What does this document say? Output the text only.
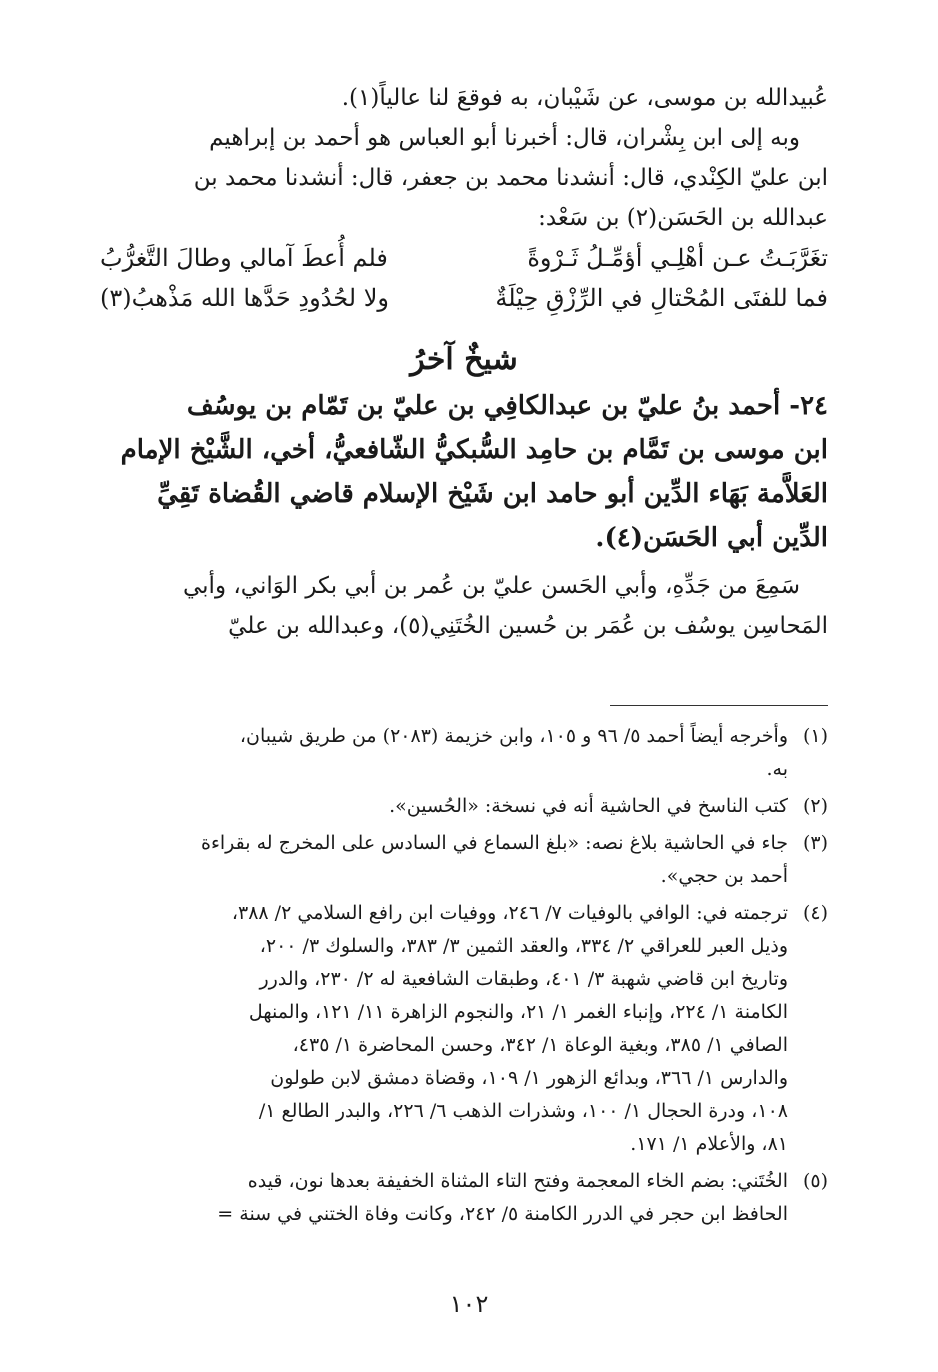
عُبيدالله بن موسى، عن شَيْبان، به فوقعَ لنا عالياً(١).

وبه إلى ابن بِشْران، قال: أخبرنا أبو العباس هو أحمد بن إبراهيم
ابن عليّ الكِنْدي، قال: أنشدنا محمد بن جعفر، قال: أنشدنا محمد بن
عبدالله بن الحَسَن(٢) بن سَعْد:

تغَرَّبَـتُ عـن أهْلِـي أؤمِّـلُ ثَـرْوةً
فلم أُعطَ آمالي وطالَ التَّغرُّبُ
فما للفتَى المُحْتالِ في الرِّزْقِ حِيْلَةٌ
ولا لحُدُودِ حَدَّها الله مَذْهبُ(٣)
شيخٌ آخرُ
٢٤- أحمد بنُ عليّ بن عبدالكافِي بن عليّ بن تَمّام بن يوسُف
ابن موسى بن تَمَّام بن حامِد السُّبكيُّ الشّافعيُّ، أخي، الشَّيْخ الإمام
العَلاَّمة بَهَاء الدِّين أبو حامد ابن شَيْخ الإسلام قاضي القُضاة تَقِيِّ
الدِّين أبي الحَسَن(٤).

سَمِعَ من جَدِّهِ، وأبي الحَسن عليّ بن عُمر بن أبي بكر الوَاني، وأبي
المَحاسِن يوسُف بن عُمَر بن حُسين الخُتَنِي(٥)، وعبدالله بن عليّ

(١)
وأخرجه أيضاً أحمد ٥/ ٩٦ و ١٠٥، وابن خزيمة (٢٠٨٣) من طريق شيبان،
به.
(٢)
كتب الناسخ في الحاشية أنه في نسخة: «الحُسين».
(٣)
جاء في الحاشية بلاغ نصه: «بلغ السماع في السادس على المخرج له بقراءة
أحمد بن حجي».
(٤)
ترجمته في: الوافي بالوفيات ٧/ ٢٤٦، ووفيات ابن رافع السلامي ٢/ ٣٨٨،
وذيل العبر للعراقي ٢/ ٣٣٤، والعقد الثمين ٣/ ٣٨٣، والسلوك ٣/ ٢٠٠،
وتاريخ ابن قاضي شهبة ٣/ ٤٠١، وطبقات الشافعية له ٢/ ٢٣٠، والدرر
الكامنة ١/ ٢٢٤، وإنباء الغمر ١/ ٢١، والنجوم الزاهرة ١١/ ١٢١، والمنهل
الصافي ١/ ٣٨٥، وبغية الوعاة ١/ ٣٤٢، وحسن المحاضرة ١/ ٤٣٥،
والدارس ١/ ٣٦٦، وبدائع الزهور ١/ ١٠٩، وقضاة دمشق لابن طولون
١٠٨، ودرة الحجال ١/ ١٠٠، وشذرات الذهب ٦/ ٢٢٦، والبدر الطالع ١/
٨١، والأعلام ١/ ١٧١.
(٥)
الخُتَني: بضم الخاء المعجمة وفتح التاء المثناة الخفيفة بعدها نون، قيده
الحافظ ابن حجر في الدرر الكامنة ٥/ ٢٤٢، وكانت وفاة الختني في سنة =
١٠٢
